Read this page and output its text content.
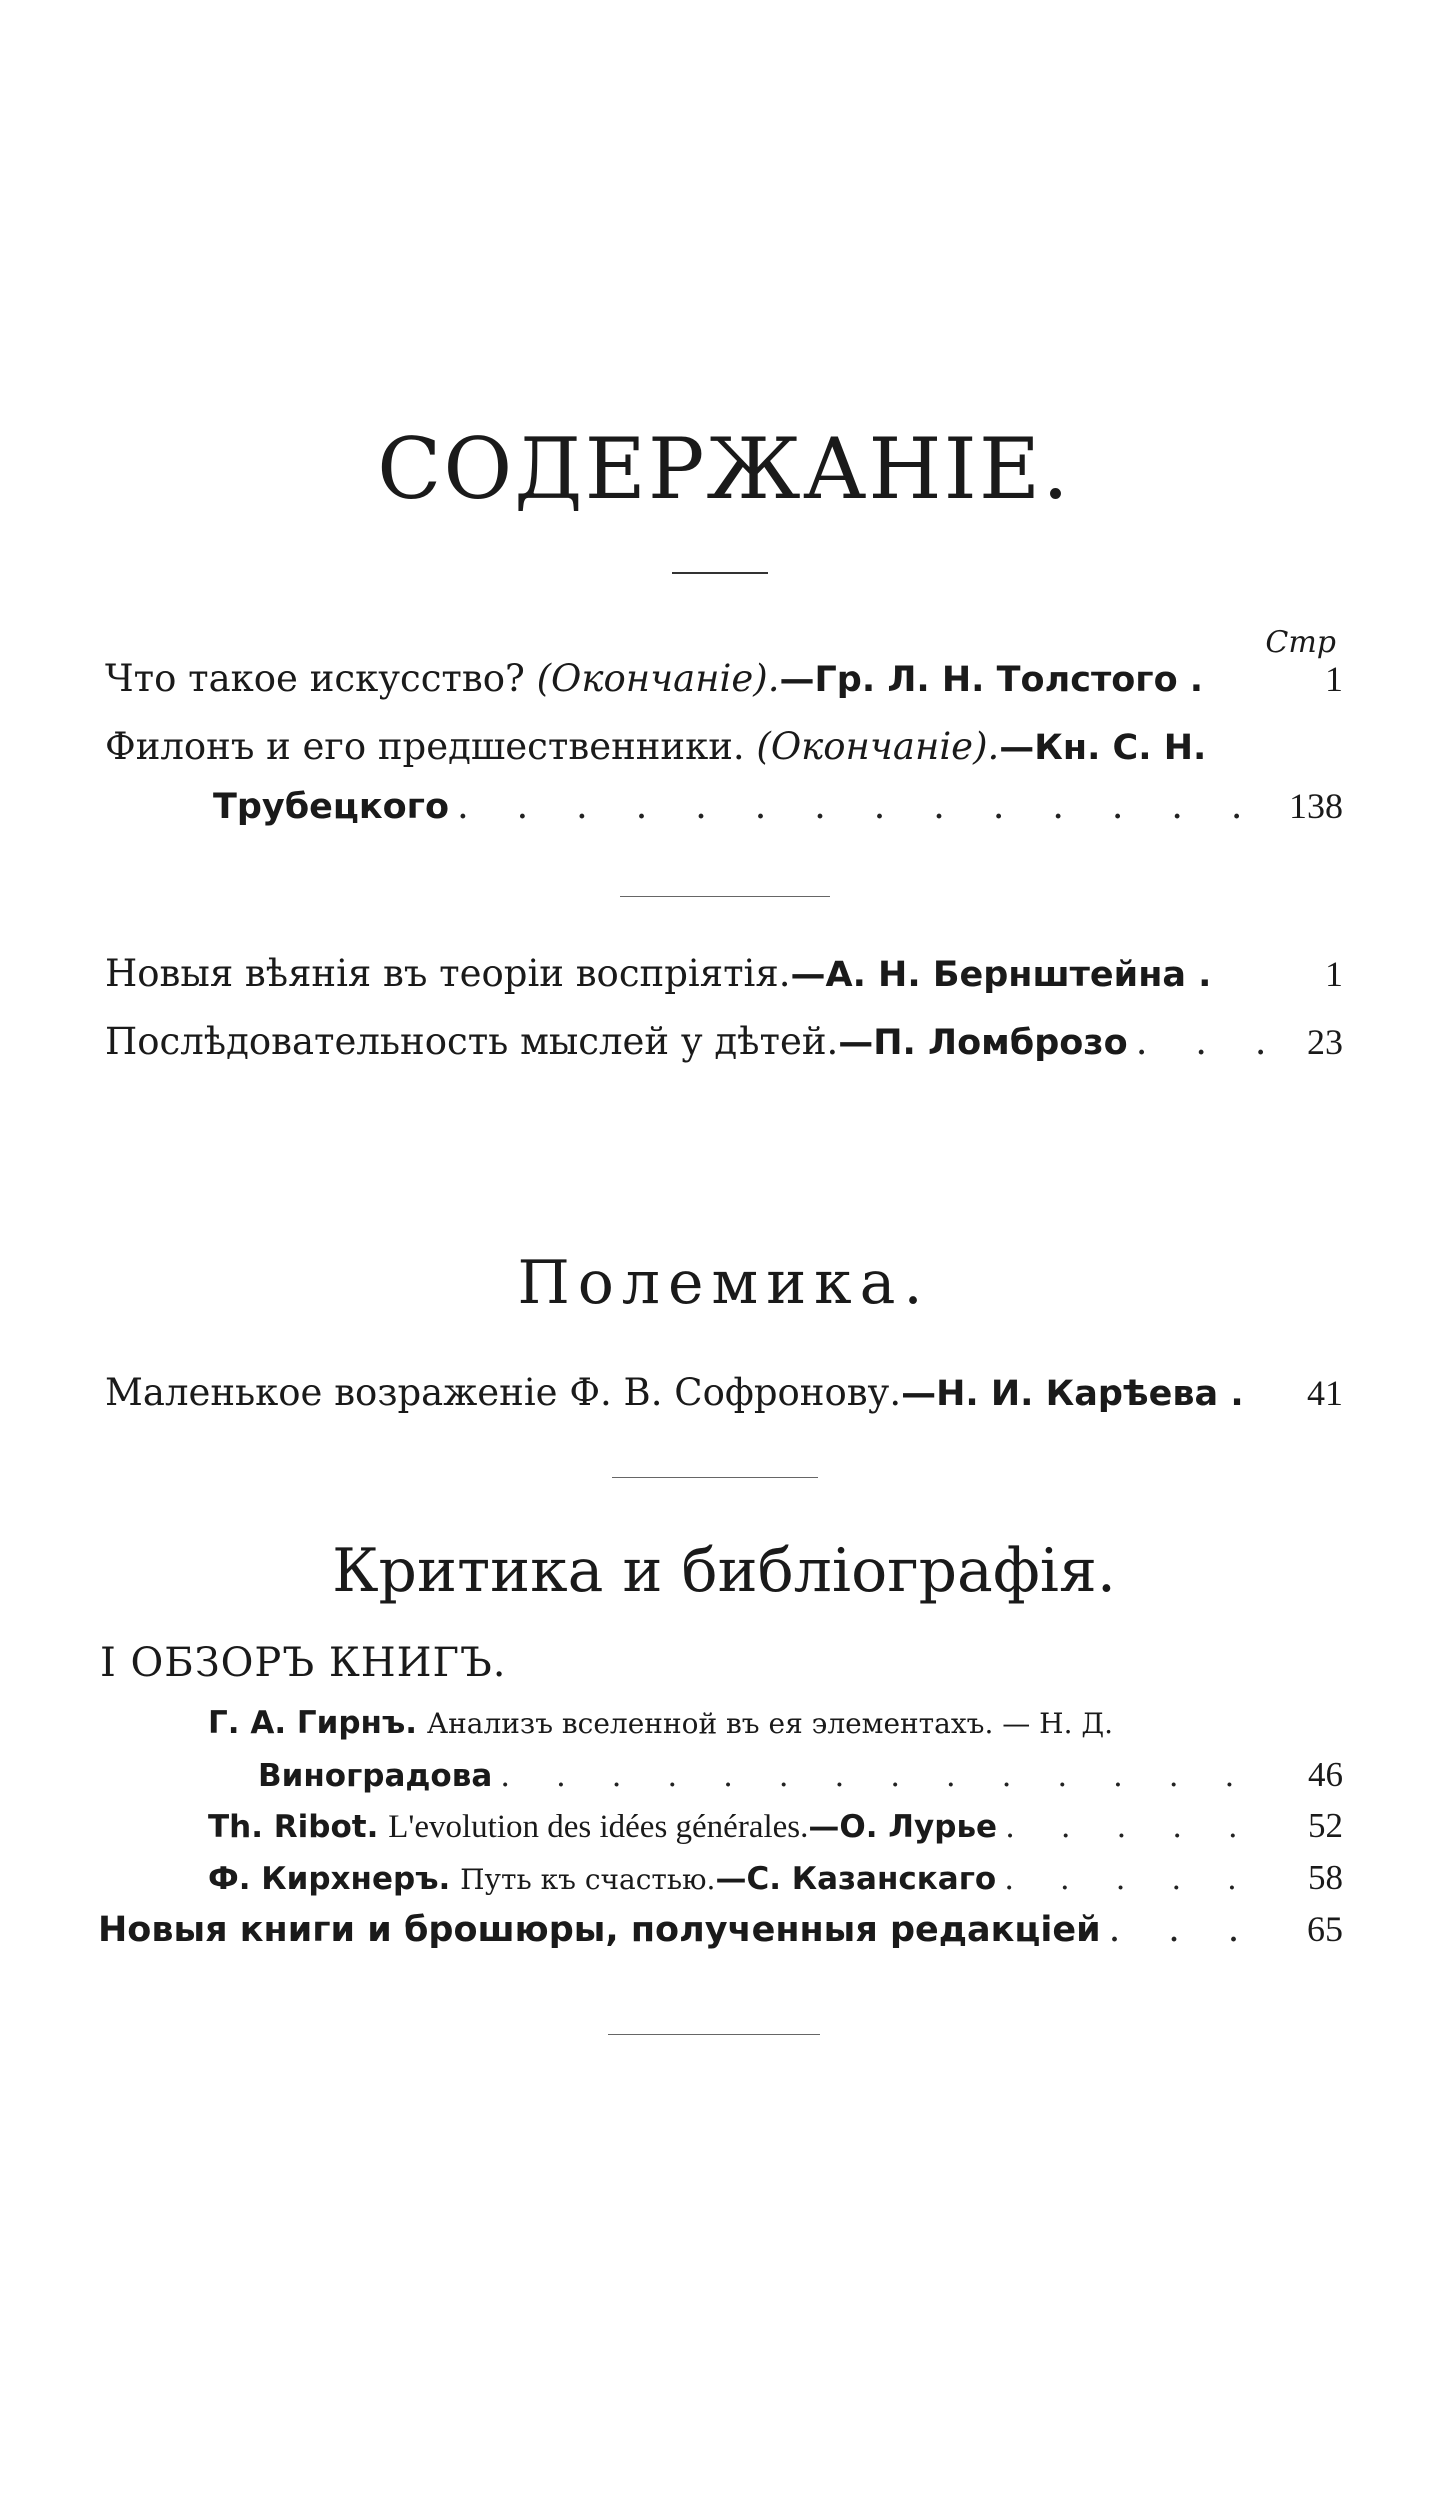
СОДЕРЖАНІЕ.
Стр
Что такое искусство? (Окончаніе).—Гр. Л. Н. Толстого .	1
Филонъ и его предшественники. (Окончаніе).—Кн. С. Н.
Трубецкого . . .	138
Новыя вѣянія въ теоріи воспріятія.—А. Н. Бернштейна .	1
Послѣдовательность мыслей у дѣтей.—П. Ломброзо . . .	23
Полемика.
Маленькое возраженіе Ф. В. Софронову.—Н. И. Карѣева .	41
Критика и библіографія.
I ОБЗОРЪ КНИГЪ.
Г. А. Гирнъ. Анализъ вселенной въ ея элементахъ. — Н. Д.
Виноградова . . .	46
Th. Ribot. L'evolution des idées générales.—О. Лурье . . .	52
Ф. Кирхнеръ. Путь къ счастью.—С. Казанскаго . . .	58
Новыя книги и брошюры, полученныя редакціей . . .	65
